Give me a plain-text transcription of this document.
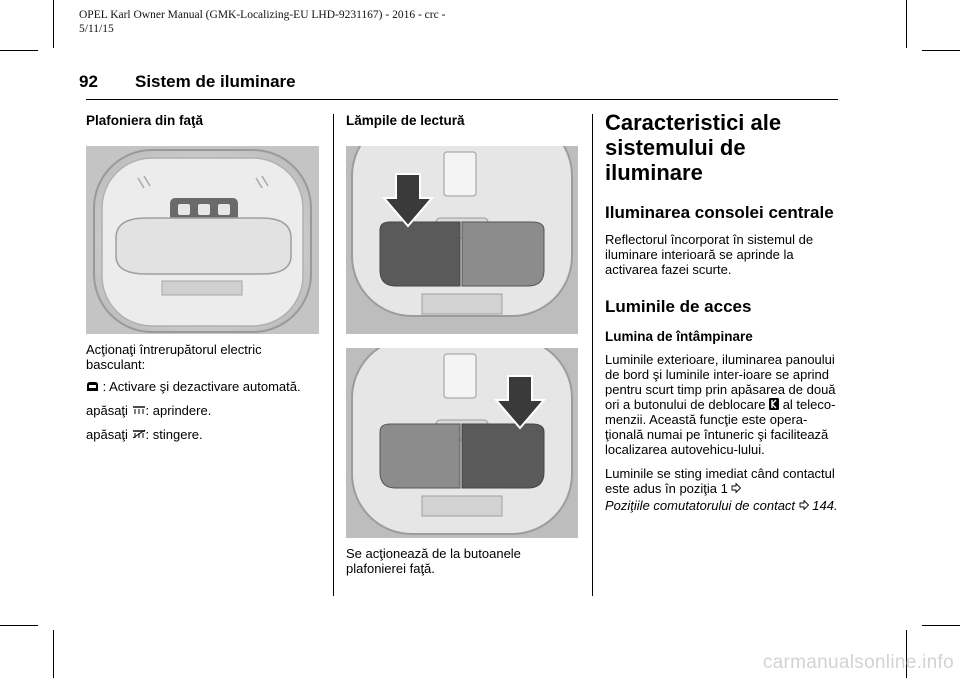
OPEL Karl Owner Manual (GMK-Localizing-EU LHD-9231167) - 2016 - crc -
5/11/15
92 Sistem de iluminare
Plafoniera din faţă

Acţionaţi întrerupătorul electric basculant:

: Activare şi dezactivare automată.

apăsaţi : aprindere.

apăsaţi : stingere.

Lămpile de lectură

Se acţionează de la butoanele plafonierei faţă.

Caracteristici ale sistemului de iluminare
Iluminarea consolei centrale

Reflectorul încorporat în sistemul de iluminare interioară se aprinde la activarea fazei scurte.

Luminile de acces
Lumina de întâmpinare

Luminile exterioare, iluminarea panoului de bord şi luminile inter-ioare se aprind pentru scurt timp prin apăsarea de două ori a butonului de deblocare al teleco-menzii. Această funcţie este opera-ţională numai pe întuneric şi facilitează localizarea autovehicu-lului.

Luminile se sting imediat când contactul este adus în poziţia 1

Poziţiile comutatorului de contact 144.

carmanualsonline.info
